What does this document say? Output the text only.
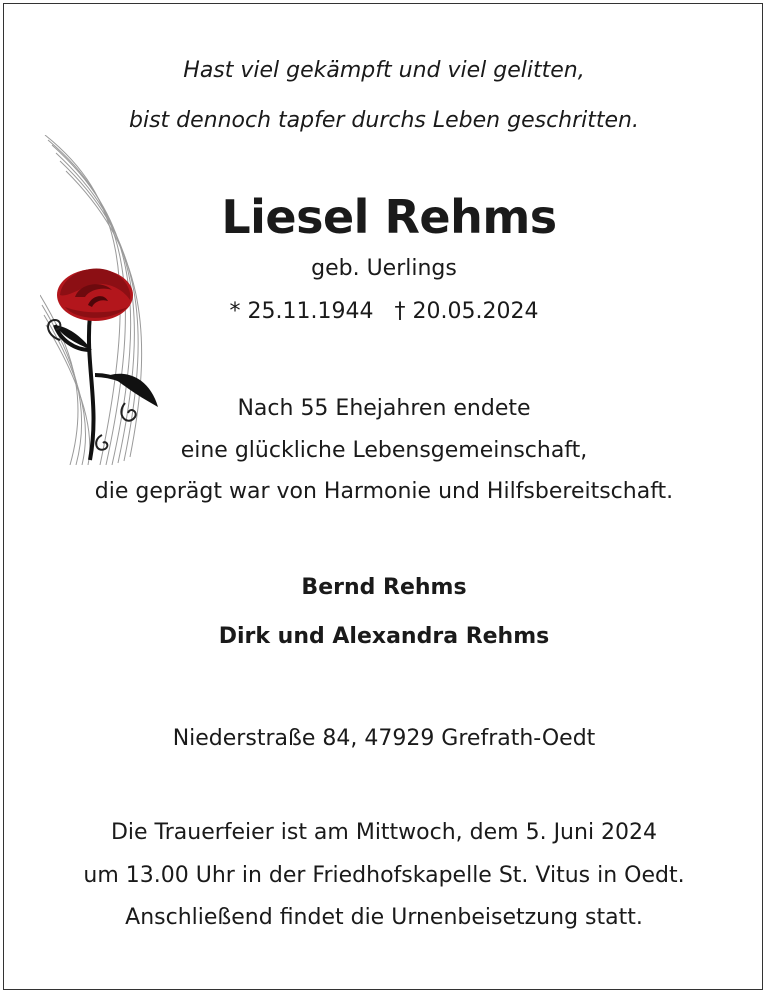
Hast viel gekämpft und viel gelitten,
bist dennoch tapfer durchs Leben geschritten.
Liesel Rehms
geb. Uerlings
* 25.11.1944   † 20.05.2024
Nach 55 Ehejahren endete
eine glückliche Lebensgemeinschaft,
die geprägt war von Harmonie und Hilfsbereitschaft.
Bernd Rehms
Dirk und Alexandra Rehms
Niederstraße 84, 47929 Grefrath-Oedt
Die Trauerfeier ist am Mittwoch, dem 5. Juni 2024
um 13.00 Uhr in der Friedhofskapelle St. Vitus in Oedt.
Anschließend findet die Urnenbeisetzung statt.
